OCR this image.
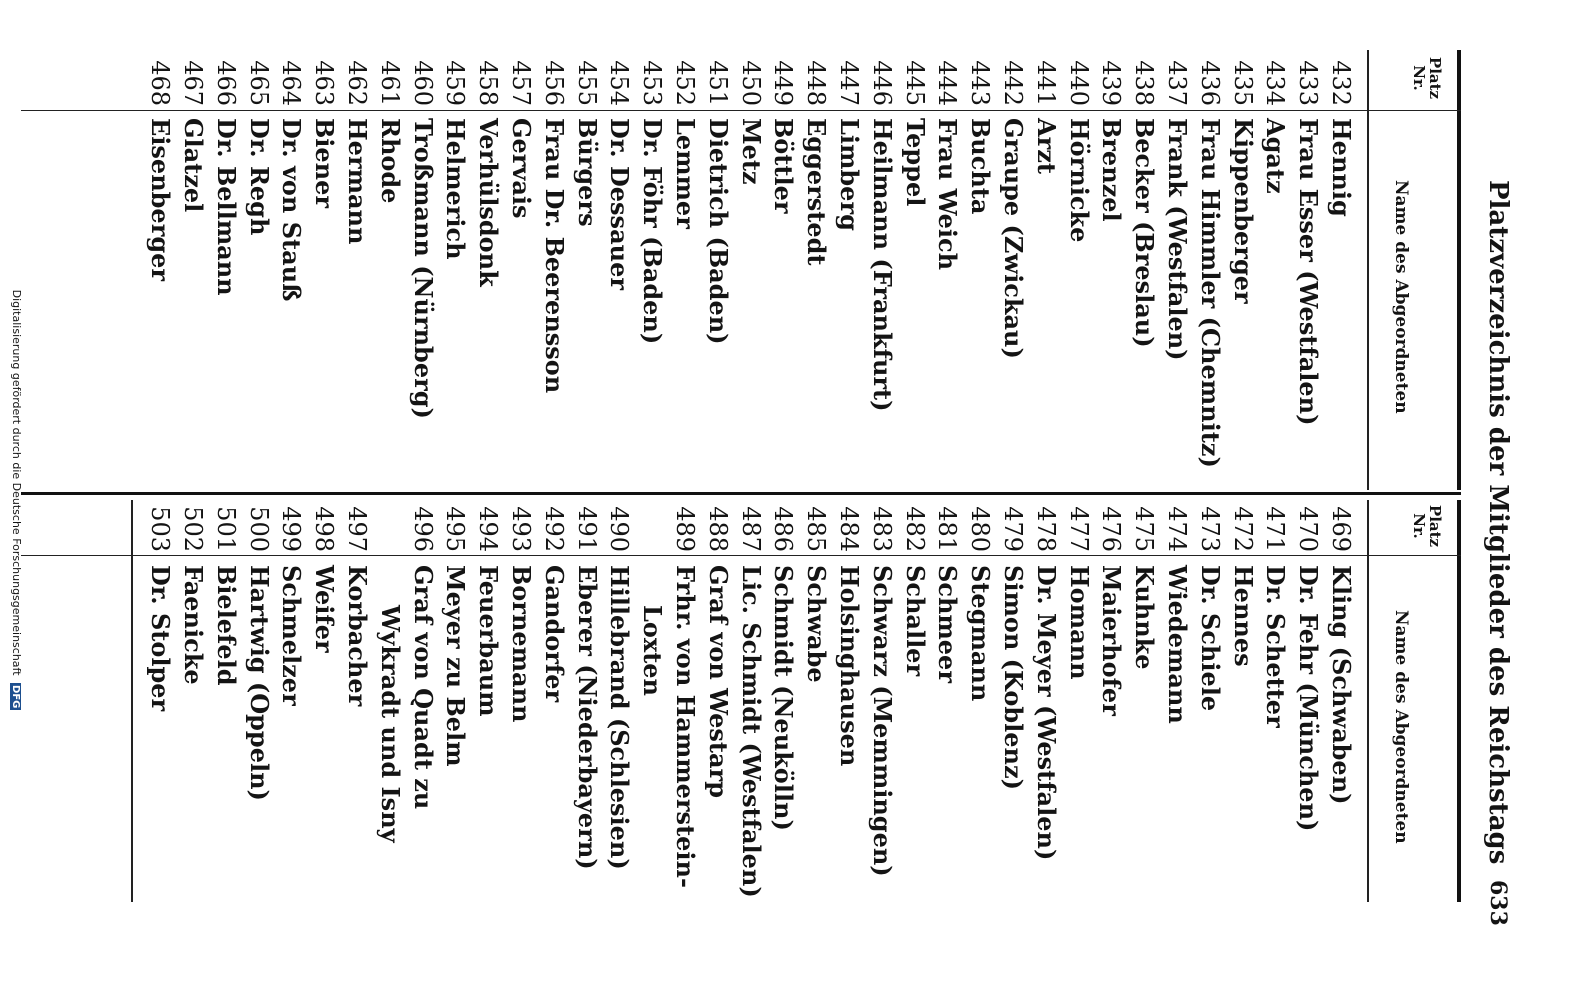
Platzverzeichnis der Mitglieder des Reichstags
633
Platz Nr.
Name des Abgeordneten
Platz Nr.
Name des Abgeordneten
432
433
434
435
436
437
438
439
440
441
442
443
444
445
446
447
448
449
450
451
452
453
454
455
456
457
458
459
460
461
462
463
464
465
466
467
468
Hennig
Frau Esser (Westfalen)
Agatz
Kippenberger
Frau Himmler (Chemnitz)
Frank (Westfalen)
Becker (Breslau)
Brenzel
Hörnicke
Arzt
Graupe (Zwickau)
Buchta
Frau Weich
Teppel
Heilmann (Frankfurt)
Limberg
Eggerstedt
Böttler
Metz
Dietrich (Baden)
Lemmer
Dr. Föhr (Baden)
Dr. Dessauer
Bürgers
Frau Dr. Beerensson
Gervais
Verhülsdonk
Helmerich
Troßmann (Nürnberg)
Rhode
Hermann
Biener
Dr. von Stauß
Dr. Regh
Dr. Bellmann
Glatzel
Eisenberger
469
470
471
472
473
474
475
476
477
478
479
480
481
482
483
484
485
486
487
488
489
490
491
492
493
494
495
496
497
498
499
500
501
502
503
Kling (Schwaben)
Dr. Fehr (München)
Dr. Schetter
Hennes
Dr. Schiele
Wiedemann
Kuhnke
Maierhofer
Homann
Dr. Meyer (Westfalen)
Simon (Koblenz)
Stegmann
Schmeer
Schaller
Schwarz (Memmingen)
Holsinghausen
Schwabe
Schmidt (Neukölln)
Lic. Schmidt (Westfalen)
Graf von Westarp
Frhr. von Hammerstein-
Loxten
Hillebrand (Schlesien)
Eberer (Niederbayern)
Gandorfer
Bornemann
Feuerbaum
Meyer zu Belm
Graf von Quadt zu
Wykradt und Isny
Korbacher
Weifer
Schmelzer
Hartwig (Oppeln)
Bielefeld
Faenicke
Dr. Stolper
Digitalisierung gefördert durch die Deutsche Forschungsgemeinschaft DFG
